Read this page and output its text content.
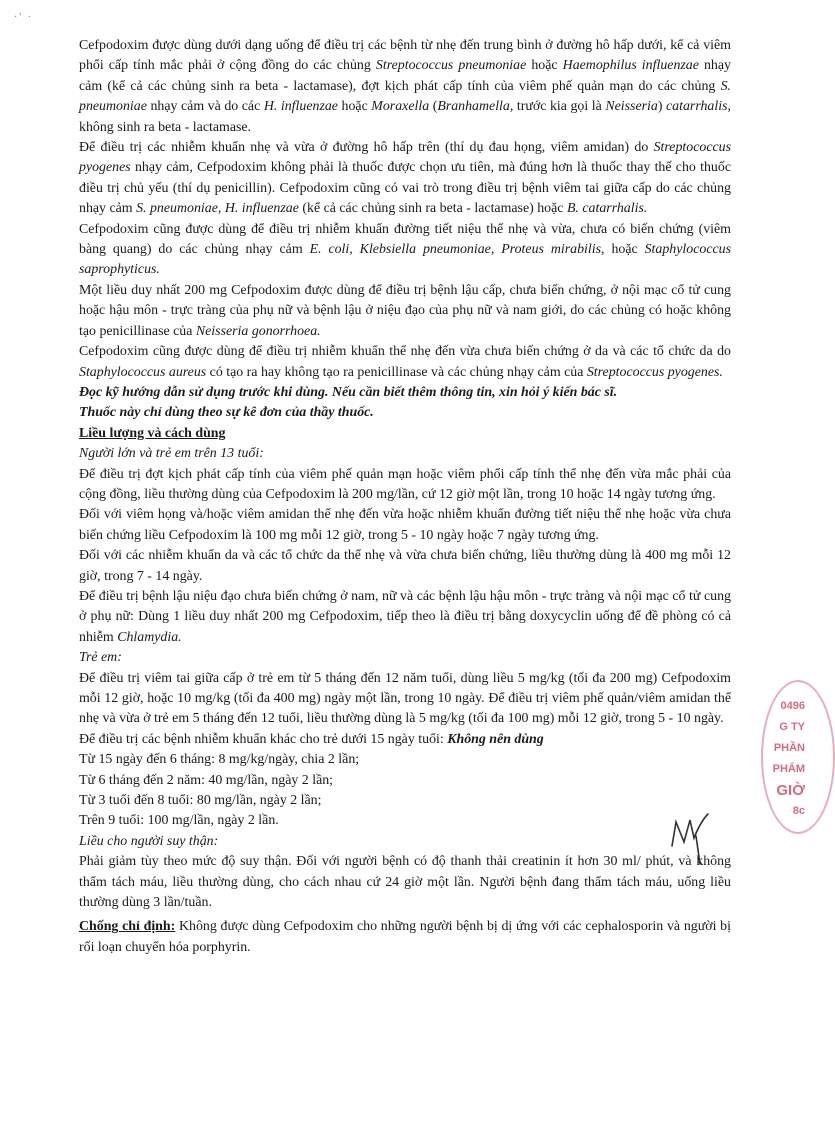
·' ·

Cefpodoxim được dùng dưới dạng uống để điều trị các bệnh từ nhẹ đến trung bình ở đường hô hấp dưới, kể cả viêm phổi cấp tính mắc phải ở cộng đồng do các chủng Streptococcus pneumoniae hoặc Haemophilus influenzae nhạy cảm (kể cả các chủng sinh ra beta - lactamase), đợt kịch phát cấp tính của viêm phế quản mạn do các chủng S. pneumoniae nhạy cảm và do các H. influenzae hoặc Moraxella (Branhamella, trước kia gọi là Neisseria) catarrhalis, không sinh ra beta - lactamase.

Để điều trị các nhiễm khuẩn nhẹ và vừa ở đường hô hấp trên (thí dụ đau họng, viêm amidan) do Streptococcus pyogenes nhạy cảm, Cefpodoxim không phải là thuốc được chọn ưu tiên, mà đúng hơn là thuốc thay thế cho thuốc điều trị chủ yếu (thí dụ penicillin). Cefpodoxim cũng có vai trò trong điều trị bệnh viêm tai giữa cấp do các chủng nhạy cảm S. pneumoniae, H. influenzae (kể cả các chủng sinh ra beta - lactamase) hoặc B. catarrhalis.

Cefpodoxim cũng được dùng để điều trị nhiễm khuẩn đường tiết niệu thể nhẹ và vừa, chưa có biến chứng (viêm bàng quang) do các chủng nhạy cảm E. coli, Klebsiella pneumoniae, Proteus mirabilis, hoặc Staphylococcus saprophyticus.

Một liều duy nhất 200 mg Cefpodoxim được dùng để điều trị bệnh lậu cấp, chưa biến chứng, ở nội mạc cổ tử cung hoặc hậu môn - trực tràng của phụ nữ và bệnh lậu ở niệu đạo của phụ nữ và nam giới, do các chủng có hoặc không tạo penicillinase của Neisseria gonorrhoea.

Cefpodoxim cũng được dùng để điều trị nhiễm khuẩn thể nhẹ đến vừa chưa biến chứng ở da và các tổ chức da do Staphylococcus aureus có tạo ra hay không tạo ra penicillinase và các chủng nhạy cảm của Streptococcus pyogenes.

Đọc kỹ hướng dẫn sử dụng trước khi dùng. Nếu cần biết thêm thông tin, xin hỏi ý kiến bác sĩ.

Thuốc này chỉ dùng theo sự kê đơn của thầy thuốc.

Liều lượng và cách dùng

Người lớn và trẻ em trên 13 tuổi:

Để điều trị đợt kịch phát cấp tính của viêm phế quản mạn hoặc viêm phổi cấp tính thể nhẹ đến vừa mắc phải của cộng đồng, liều thường dùng của Cefpodoxim là 200 mg/lần, cứ 12 giờ một lần, trong 10 hoặc 14 ngày tương ứng.

Đối với viêm họng và/hoặc viêm amidan thể nhẹ đến vừa hoặc nhiễm khuẩn đường tiết niệu thể nhẹ hoặc vừa chưa biến chứng liều Cefpodoxim là 100 mg mỗi 12 giờ, trong 5 - 10 ngày hoặc 7 ngày tương ứng.

Đối với các nhiễm khuẩn da và các tổ chức da thể nhẹ và vừa chưa biến chứng, liều thường dùng là 400 mg mỗi 12 giờ, trong 7 - 14 ngày.

Để điều trị bệnh lậu niệu đạo chưa biến chứng ở nam, nữ và các bệnh lậu hậu môn - trực tràng và nội mạc cổ tử cung ở phụ nữ: Dùng 1 liều duy nhất 200 mg Cefpodoxim, tiếp theo là điều trị bằng doxycyclin uống để đề phòng có cả nhiễm Chlamydia.

Trẻ em:

Để điều trị viêm tai giữa cấp ở trẻ em từ 5 tháng đến 12 năm tuổi, dùng liều 5 mg/kg (tối đa 200 mg) Cefpodoxim mỗi 12 giờ, hoặc 10 mg/kg (tối đa 400 mg) ngày một lần, trong 10 ngày. Để điều trị viêm phế quản/viêm amidan thể nhẹ và vừa ở trẻ em 5 tháng đến 12 tuổi, liều thường dùng là 5 mg/kg (tối đa 100 mg) mỗi 12 giờ, trong 5 - 10 ngày.

Để điều trị các bệnh nhiễm khuẩn khác cho trẻ dưới 15 ngày tuổi: Không nên dùng

Từ 15 ngày đến 6 tháng: 8 mg/kg/ngày, chia 2 lần;

Từ 6 tháng đến 2 năm: 40 mg/lần, ngày 2 lần;

Từ 3 tuổi đến 8 tuổi: 80 mg/lần, ngày 2 lần;

Trên 9 tuổi: 100 mg/lần, ngày 2 lần.

Liều cho người suy thận:

Phải giảm tùy theo mức độ suy thận. Đối với người bệnh có độ thanh thải creatinin ít hơn 30 ml/ phút, và không thẩm tách máu, liều thường dùng, cho cách nhau cứ 24 giờ một lần. Người bệnh đang thẩm tách máu, uống liều thường dùng 3 lần/tuần.

Chống chỉ định: Không được dùng Cefpodoxim cho những người bệnh bị dị ứng với các cephalosporin và người bị rối loạn chuyển hóa porphyrin.

0496
G TY
PHẦN
PHẨM
GIỜ
8c
